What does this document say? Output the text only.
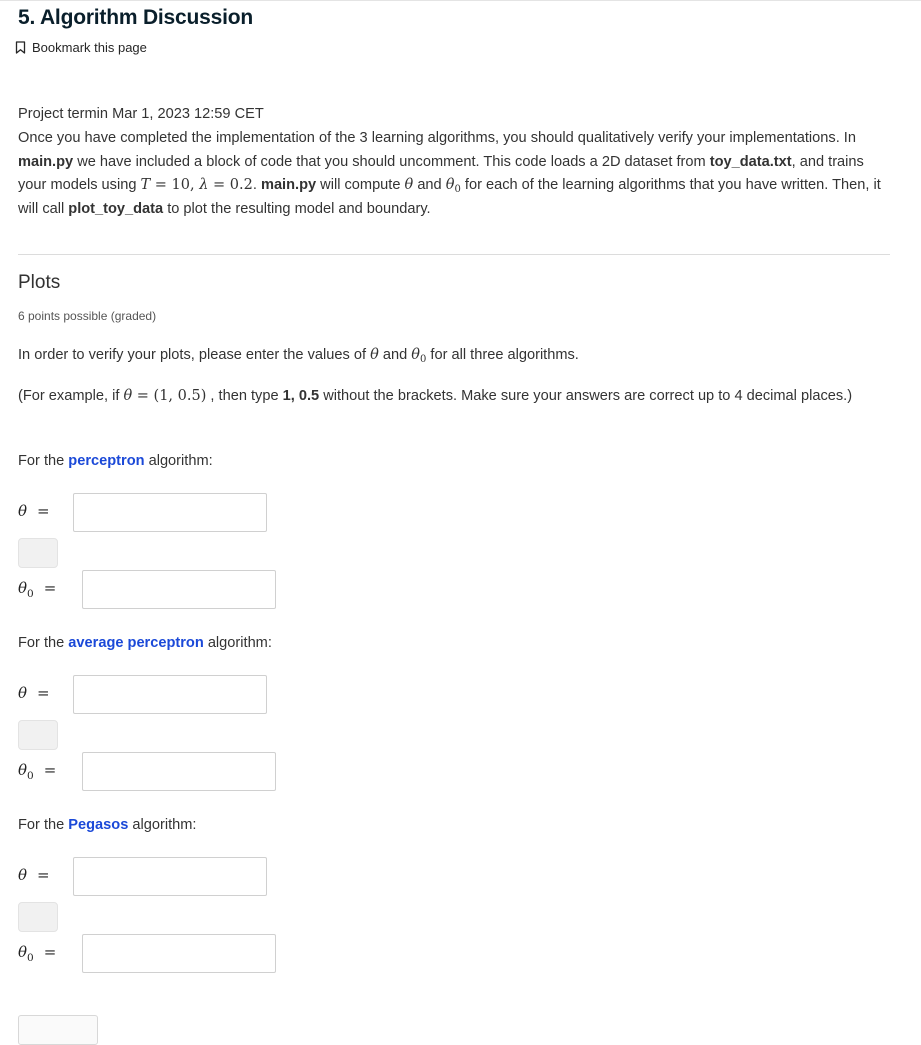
5. Algorithm Discussion
Bookmark this page

Project termin Mar 1, 2023 12:59 CET

Once you have completed the implementation of the 3 learning algorithms, you should qualitatively verify your implementations. In main.py we have included a block of code that you should uncomment. This code loads a 2D dataset from toy_data.txt, and trains your models using T = 10, λ = 0.2. main.py will compute θ and $\theta_0$ for each of the learning algorithms that you have written. Then, it will call plot_toy_data to plot the resulting model and boundary.

Plots
6 points possible (graded)

In order to verify your plots, please enter the values of θ and $\theta_0$ for all three algorithms.

(For example, if θ = (1, 0.5) , then type 1, 0.5 without the brackets. Make sure your answers are correct up to 4 decimal places.)

For the perceptron algorithm:

θ =
$\theta_0$ =

For the average perceptron algorithm:

θ =
$\theta_0$ =

For the Pegasos algorithm:

θ =
$\theta_0$ =
